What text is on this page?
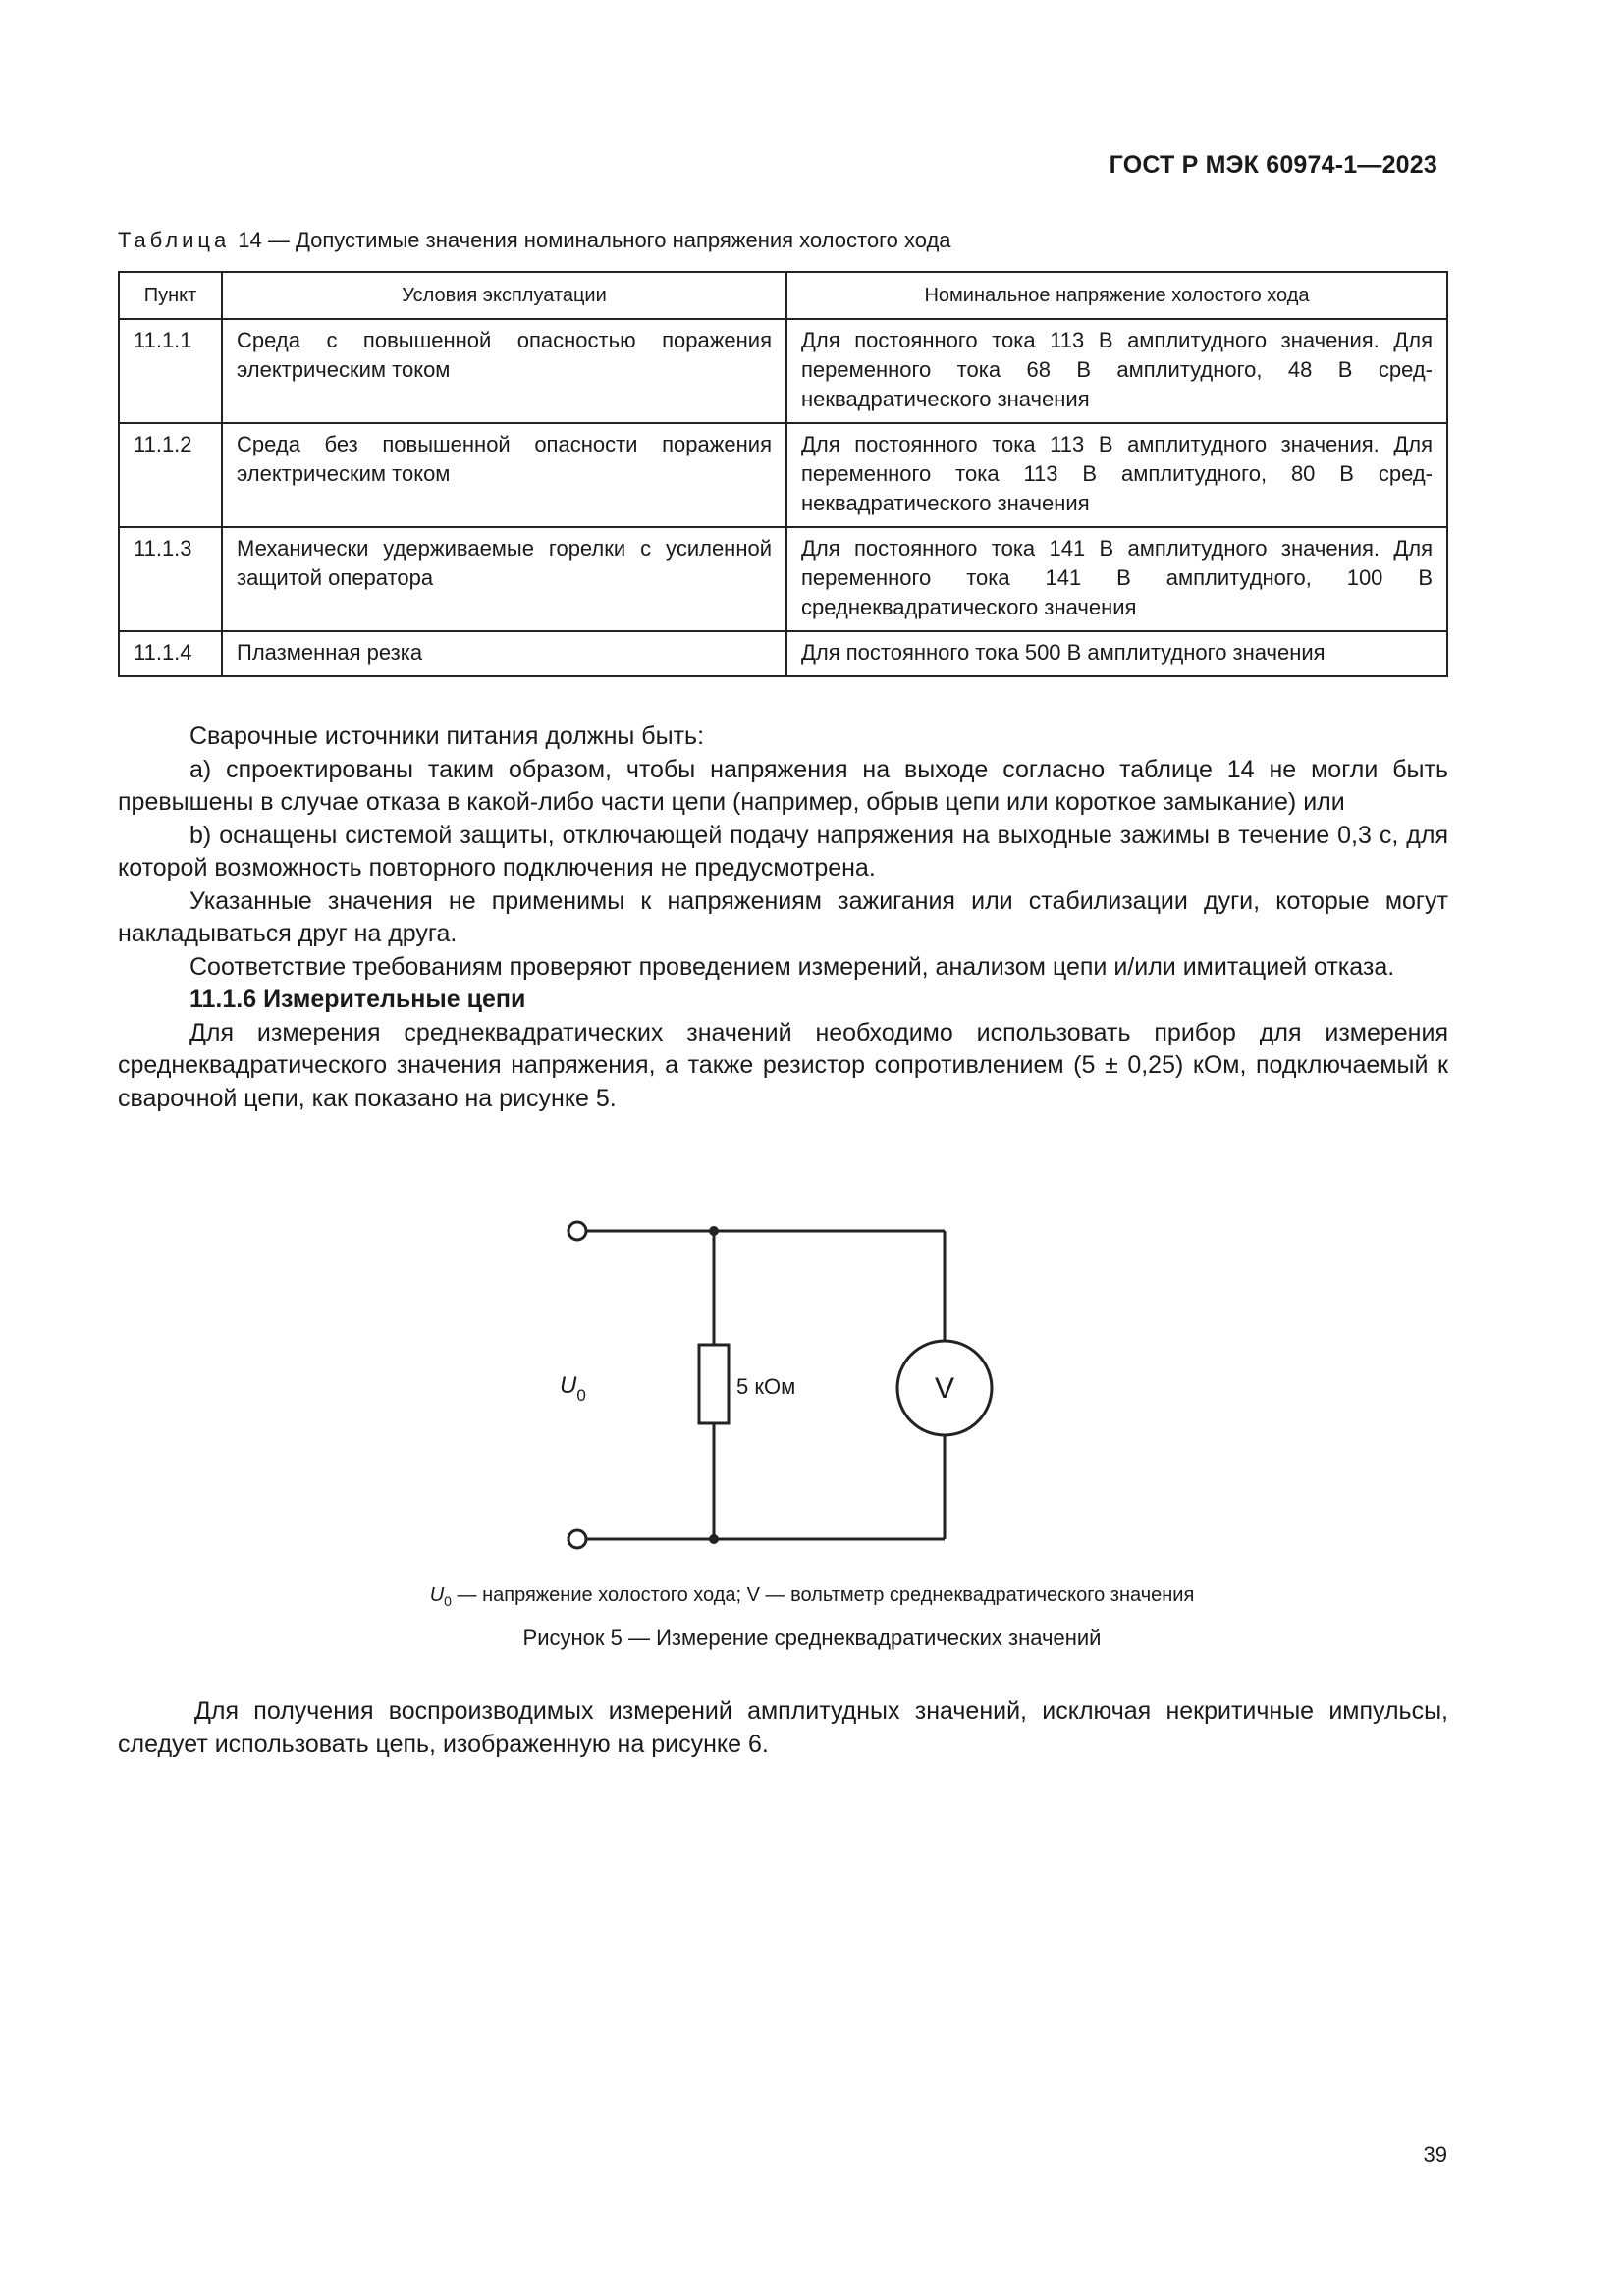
ГОСТ Р МЭК 60974-1—2023
Таблица 14 — Допустимые значения номинального напряжения холостого хода
Пункт	Условия эксплуатации	Номинальное напряжение холостого хода
11.1.1	Среда с повышенной опасностью поражения электрическим током	Для постоянного тока 113 В амплитудного значения. Для переменного тока 68 В амплитудного, 48 В среднеквадратического значения
11.1.2	Среда без повышенной опасности поражения электрическим током	Для постоянного тока 113 В амплитудного значения. Для переменного тока 113 В амплитудного, 80 В среднеквадратического значения
11.1.3	Механически удерживаемые горелки с усиленной защитой оператора	Для постоянного тока 141 В амплитудного значения. Для переменного тока 141 В амплитудного, 100 В среднеквадратического значения
11.1.4	Плазменная резка	Для постоянного тока 500 В амплитудного значения

Сварочные источники питания должны быть:

a) спроектированы таким образом, чтобы напряжения на выходе согласно таблице 14 не могли быть превышены в случае отказа в какой-либо части цепи (например, обрыв цепи или короткое замыкание) или

b) оснащены системой защиты, отключающей подачу напряжения на выходные зажимы в течение 0,3 с, для которой возможность повторного подключения не предусмотрена.

Указанные значения не применимы к напряжениям зажигания или стабилизации дуги, которые могут накладываться друг на друга.

Соответствие требованиям проверяют проведением измерений, анализом цепи и/или имитацией отказа.

11.1.6 Измерительные цепи

Для измерения среднеквадратических значений необходимо использовать прибор для измерения среднеквадратического значения напряжения, а также резистор сопротивлением (5 ± 0,25) кОм, подключаемый к сварочной цепи, как показано на рисунке 5.

$U_0$	5 кОм	V
$U_0$ — напряжение холостого хода; V — вольтметр среднеквадратического значения
Рисунок 5 — Измерение среднеквадратических значений

Для получения воспроизводимых измерений амплитудных значений, исключая некритичные импульсы, следует использовать цепь, изображенную на рисунке 6.

39
